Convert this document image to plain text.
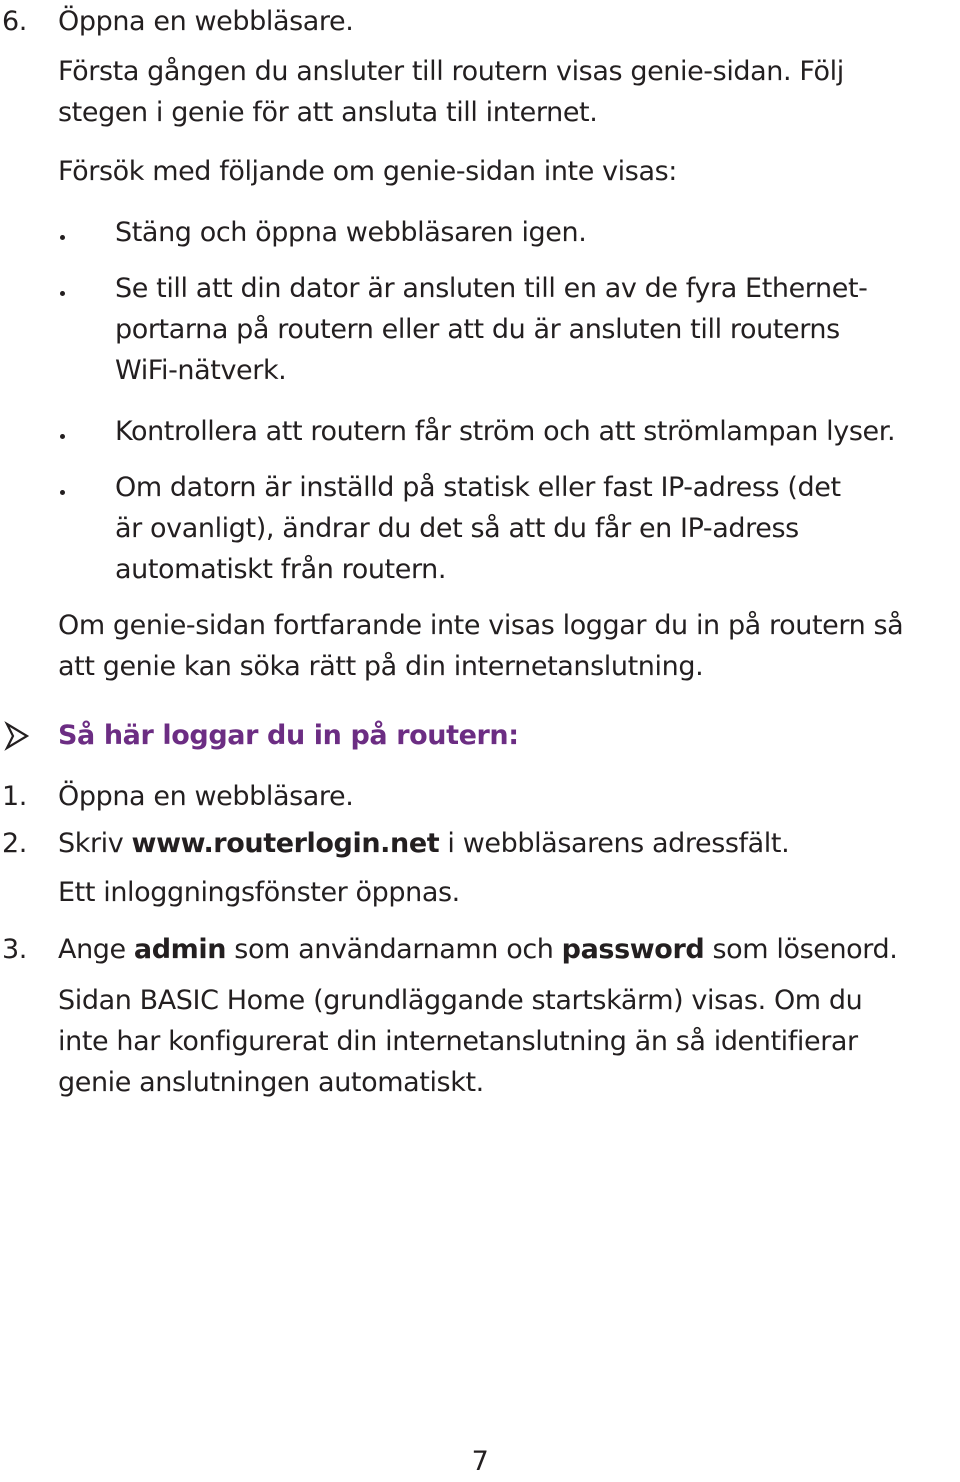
6. Öppna en webbläsare.
Första gången du ansluter till routern visas genie-sidan. Följ
stegen i genie för att ansluta till internet.
Försök med följande om genie-sidan inte visas:
Stäng och öppna webbläsaren igen.
Se till att din dator är ansluten till en av de fyra Ethernet-
portarna på routern eller att du är ansluten till routerns
WiFi-nätverk.
Kontrollera att routern får ström och att strömlampan lyser.
Om datorn är inställd på statisk eller fast IP-adress (det
är ovanligt), ändrar du det så att du får en IP-adress
automatiskt från routern.
Om genie-sidan fortfarande inte visas loggar du in på routern så
att genie kan söka rätt på din internetanslutning.
Så här loggar du in på routern:
1. Öppna en webbläsare.
2. Skriv www.routerlogin.net i webbläsarens adressfält.
Ett inloggningsfönster öppnas.
3. Ange admin som användarnamn och password som lösenord.
Sidan BASIC Home (grundläggande startskärm) visas. Om du
inte har konfigurerat din internetanslutning än så identifierar
genie anslutningen automatiskt.
7
